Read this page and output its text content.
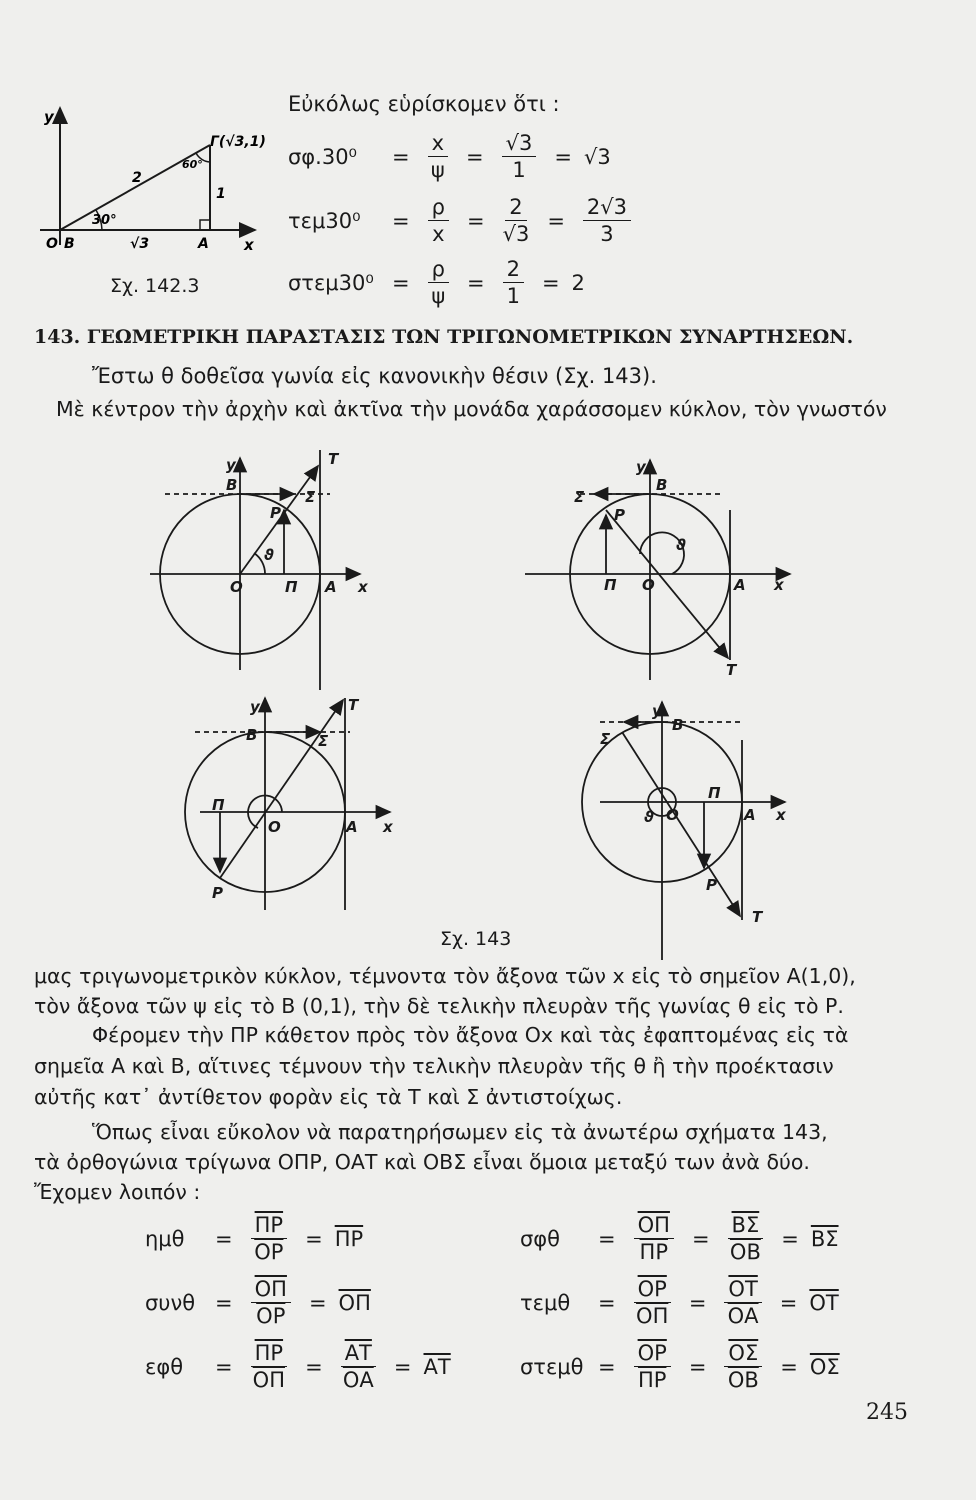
y
x
Ο Β	Α
Γ(√3,1)
2
1
√3
30°
60°
Σχ. 142.3
Εὐκόλως εὑρίσκομεν ὅτι :
σφ.30⁰	= $\frac{x}{\psi} = \frac{√3}{1} = √3$
τεμ30⁰	= $\frac{\rho}{x} = \frac{2}{√3} = \frac{2√3}{3}$
$\sigma\tau\varepsilon\mu 30^0 = \frac{\rho}{\psi} = \frac{2}{1} = 2$
143. ΓΕΩΜΕΤΡΙΚΗ ΠΑΡΑΣΤΑΣΙΣ ΤΩΝ ΤΡΙΓΩΝΟΜΕΤΡΙΚΩΝ ΣΥΝΑΡΤΗΣΕΩΝ.
Ἔστω θ δοθεῖσα γωνία εἰς κανονικὴν θέσιν (Σχ. 143).
Μὲ κέντρον τὴν ἀρχὴν καὶ ἀκτῖνα τὴν μονάδα χαράσσομεν κύκλον, τὸν γνωστόν
y	Τ
Β
Σ
Ρ
ϑ
Ο	Π Α x
y
Β
Σ
Ρ
ϑ
Π Ο	Α x
Τ
y	Τ
Β	Σ
Π
Ο	Α x
Ρ
y
Β
Σ
ϑ Ο
Π
Α x
Ρ
Τ
Σχ. 143
μας τριγωνομετρικὸν κύκλον, τέμνοντα τὸν ἄξονα τῶν x εἰς τὸ σημεῖον Α(1,0),
τὸν ἄξονα τῶν ψ εἰς τὸ Β (0,1), τὴν δὲ τελικὴν πλευρὰν τῆς γωνίας θ εἰς τὸ Ρ.
Φέρομεν τὴν ΠΡ κάθετον πρὸς τὸν ἄξονα Ox καὶ τὰς ἐφαπτομένας εἰς τὰ
σημεῖα Α καὶ Β, αἵτινες τέμνουν τὴν τελικὴν πλευρὰν τῆς θ ἢ τὴν προέκτασιν
αὐτῆς κατ᾽ ἀντίθετον φορὰν εἰς τὰ Τ καὶ Σ ἀντιστοίχως.
Ὅπως εἶναι εὔκολον νὰ παρατηρήσωμεν εἰς τὰ ἀνωτέρω σχήματα 143,
τὰ ὀρθογώνια τρίγωνα ΟΠΡ, ΟΑΤ καὶ ΟΒΣ εἶναι ὅμοια μεταξύ των ἀνὰ δύο.
Ἔχομεν λοιπόν :
ημθ	= $\frac{\overline{\Pi P}}{OP} = \overline{\Pi P}$
$\sigma\upsilon\nu\theta = \frac{\overline{O\Pi}}{OP} = \overline{O\Pi}$
εφθ	= $\frac{\overline{\Pi P}}{O\Pi} = \frac{\overline{AT}}{OA} = \overline{AT}$
σφθ	= $\frac{\overline{O\Pi}}{\Pi P} = \frac{\overline{B\Sigma}}{OB} = \overline{B\Sigma}$
τεμθ	= $\frac{\overline{OP}}{O\Pi} = \frac{\overline{OT}}{OA} = \overline{OT}$
$\sigma\tau\varepsilon\mu\theta = \frac{\overline{OP}}{\Pi P} = \frac{\overline{O\Sigma}}{OB} = \overline{O\Sigma}$
245
